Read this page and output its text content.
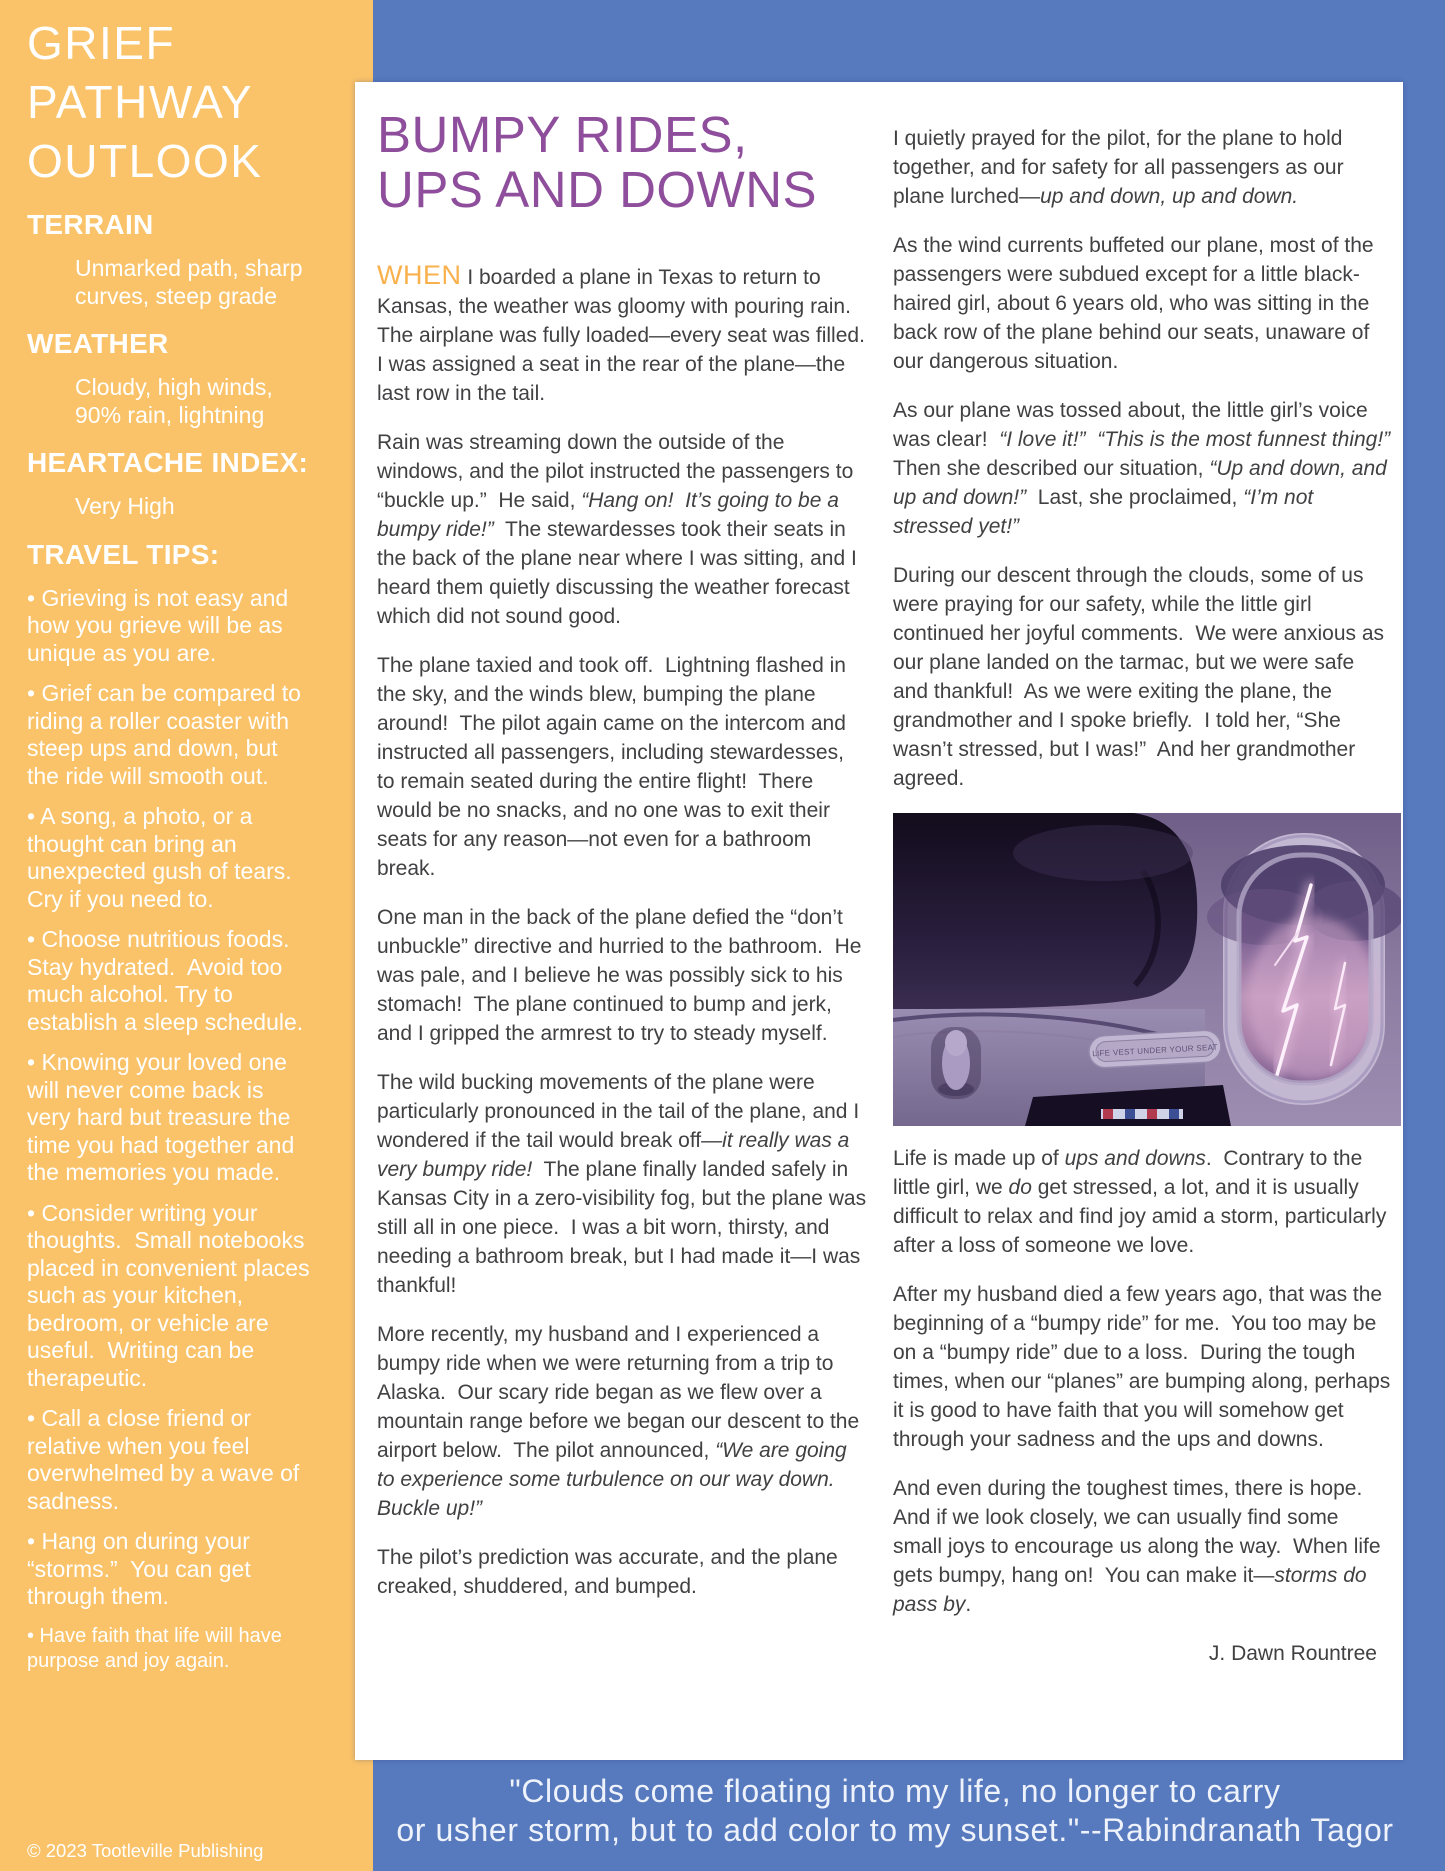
GRIEF
PATHWAY
OUTLOOK
TERRAIN

Unmarked path, sharp curves, steep grade

WEATHER

Cloudy, high winds, 90% rain, lightning

HEARTACHE INDEX:

Very High

TRAVEL TIPS:

• Grieving is not easy and how you grieve will be as unique as you are.

• Grief can be compared to riding a roller coaster with steep ups and down, but the ride will smooth out.

• A song, a photo, or a thought can bring an unexpected gush of tears.  Cry if you need to.

• Choose nutritious foods.  Stay hydrated.  Avoid too much alcohol. Try to establish a sleep schedule.

• Knowing your loved one will never come back is very hard but treasure the time you had together and the memories you made.

• Consider writing your thoughts.  Small notebooks placed in convenient places such as your kitchen, bedroom, or vehicle are useful.  Writing can be therapeutic.

• Call a close friend or relative when you feel overwhelmed by a wave of sadness.

• Hang on during your “storms.”  You can get through them.

• Have faith that life will have purpose and joy again.

© 2023 Tootleville Publishing
BUMPY RIDES,
UPS AND DOWNS

WHEN I boarded a plane in Texas to return to Kansas, the weather was gloomy with pouring rain.  The airplane was fully loaded—every seat was filled.  I was assigned a seat in the rear of the plane—the last row in the tail.

Rain was streaming down the outside of the windows, and the pilot instructed the passengers to “buckle up.”  He said, “Hang on!  It’s going to be a bumpy ride!”  The stewardesses took their seats in the back of the plane near where I was sitting, and I heard them quietly discussing the weather forecast which did not sound good.

The plane taxied and took off.  Lightning flashed in the sky, and the winds blew, bumping the plane around!  The pilot again came on the intercom and instructed all passengers, including stewardesses, to remain seated during the entire flight!  There would be no snacks, and no one was to exit their seats for any reason—not even for a bathroom break.

One man in the back of the plane defied the “don’t unbuckle” directive and hurried to the bathroom.  He was pale, and I believe he was possibly sick to his stomach!  The plane continued to bump and jerk, and I gripped the armrest to try to steady myself.

The wild bucking movements of the plane were particularly pronounced in the tail of the plane, and I wondered if the tail would break off—it really was a very bumpy ride!  The plane finally landed safely in Kansas City in a zero-visibility fog, but the plane was still all in one piece.  I was a bit worn, thirsty, and needing a bathroom break, but I had made it—I was thankful!

More recently, my husband and I experienced a bumpy ride when we were returning from a trip to Alaska.  Our scary ride began as we flew over a mountain range before we began our descent to the airport below.  The pilot announced, “We are going to experience some turbulence on our way down.  Buckle up!”

The pilot’s prediction was accurate, and the plane creaked, shuddered, and bumped.

I quietly prayed for the pilot, for the plane to hold together, and for safety for all passengers as our plane lurched—up and down, up and down.

As the wind currents buffeted our plane, most of the passengers were subdued except for a little black-haired girl, about 6 years old, who was sitting in the back row of the plane behind our seats, unaware of our dangerous situation.

As our plane was tossed about, the little girl’s voice was clear!  “I love it!”  “This is the most funnest thing!”  Then she described our situation, “Up and down, and up and down!”  Last, she proclaimed, “I’m not stressed yet!”

During our descent through the clouds, some of us were praying for our safety, while the little girl continued her joyful comments.  We were anxious as our plane landed on the tarmac, but we were safe and thankful!  As we were exiting the plane, the grandmother and I spoke briefly.  I told her, “She wasn’t stressed, but I was!”  And her grandmother agreed.

LIFE VEST UNDER YOUR SEAT

Life is made up of ups and downs.  Contrary to the little girl, we do get stressed, a lot, and it is usually difficult to relax and find joy amid a storm, particularly after a loss of someone we love.

After my husband died a few years ago, that was the beginning of a “bumpy ride” for me.  You too may be on a “bumpy ride” due to a loss.  During the tough times, when our “planes” are bumping along, perhaps it is good to have faith that you will somehow get through your sadness and the ups and downs.

And even during the toughest times, there is hope.  And if we look closely, we can usually find some small joys to encourage us along the way.  When life gets bumpy, hang on!  You can make it—storms do pass by.

J. Dawn Rountree

"Clouds come floating into my life, no longer to carry
or usher storm, but to add color to my sunset."--Rabindranath Tagor
